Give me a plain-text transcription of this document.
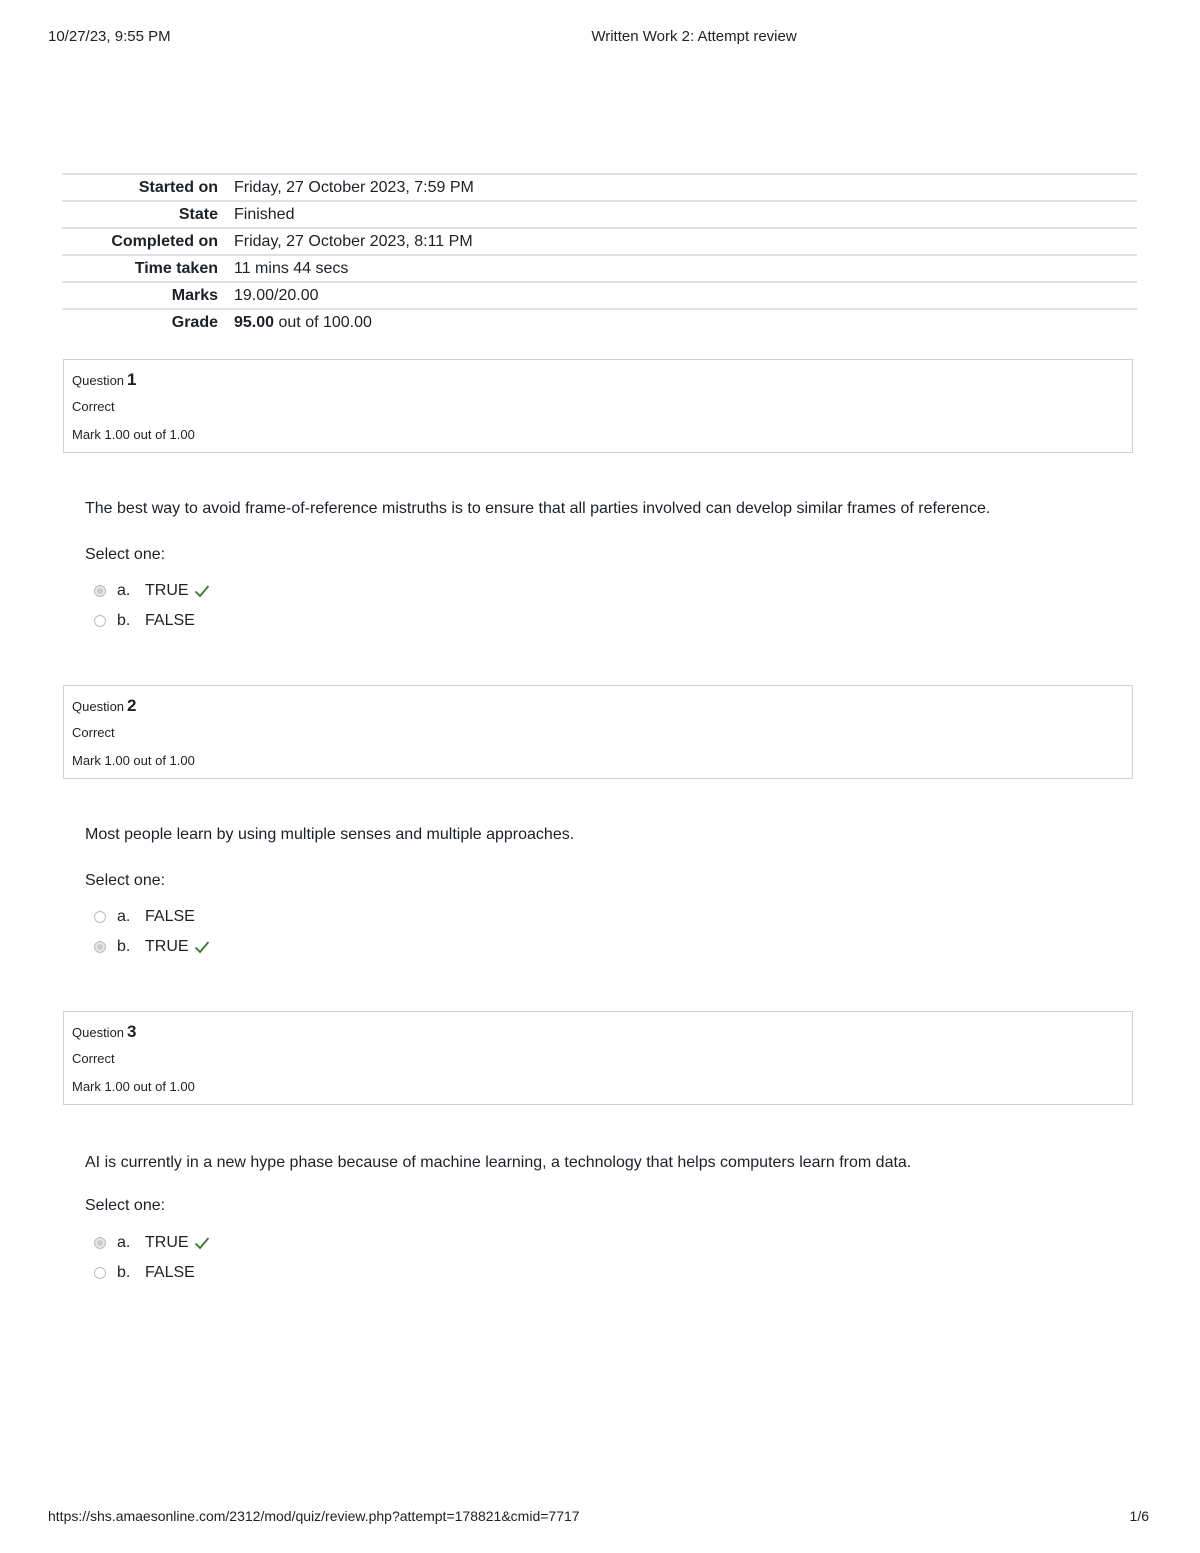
10/27/23, 9:55 PM	Written Work 2: Attempt review
Started on	Friday, 27 October 2023, 7:59 PM
State	Finished
Completed on	Friday, 27 October 2023, 8:11 PM
Time taken	11 mins 44 secs
Marks	19.00/20.00
Grade	95.00 out of 100.00
Question 1
Correct
Mark 1.00 out of 1.00
The best way to avoid frame-of-reference mistruths is to ensure that all parties involved can develop similar frames of reference.
Select one:
a. TRUE
b. FALSE
Question 2
Correct
Mark 1.00 out of 1.00
Most people learn by using multiple senses and multiple approaches.
Select one:
a. FALSE
b. TRUE
Question 3
Correct
Mark 1.00 out of 1.00
AI is currently in a new hype phase because of machine learning, a technology that helps computers learn from data.
Select one:
a. TRUE
b. FALSE
https://shs.amaesonline.com/2312/mod/quiz/review.php?attempt=178821&cmid=7717	1/6
